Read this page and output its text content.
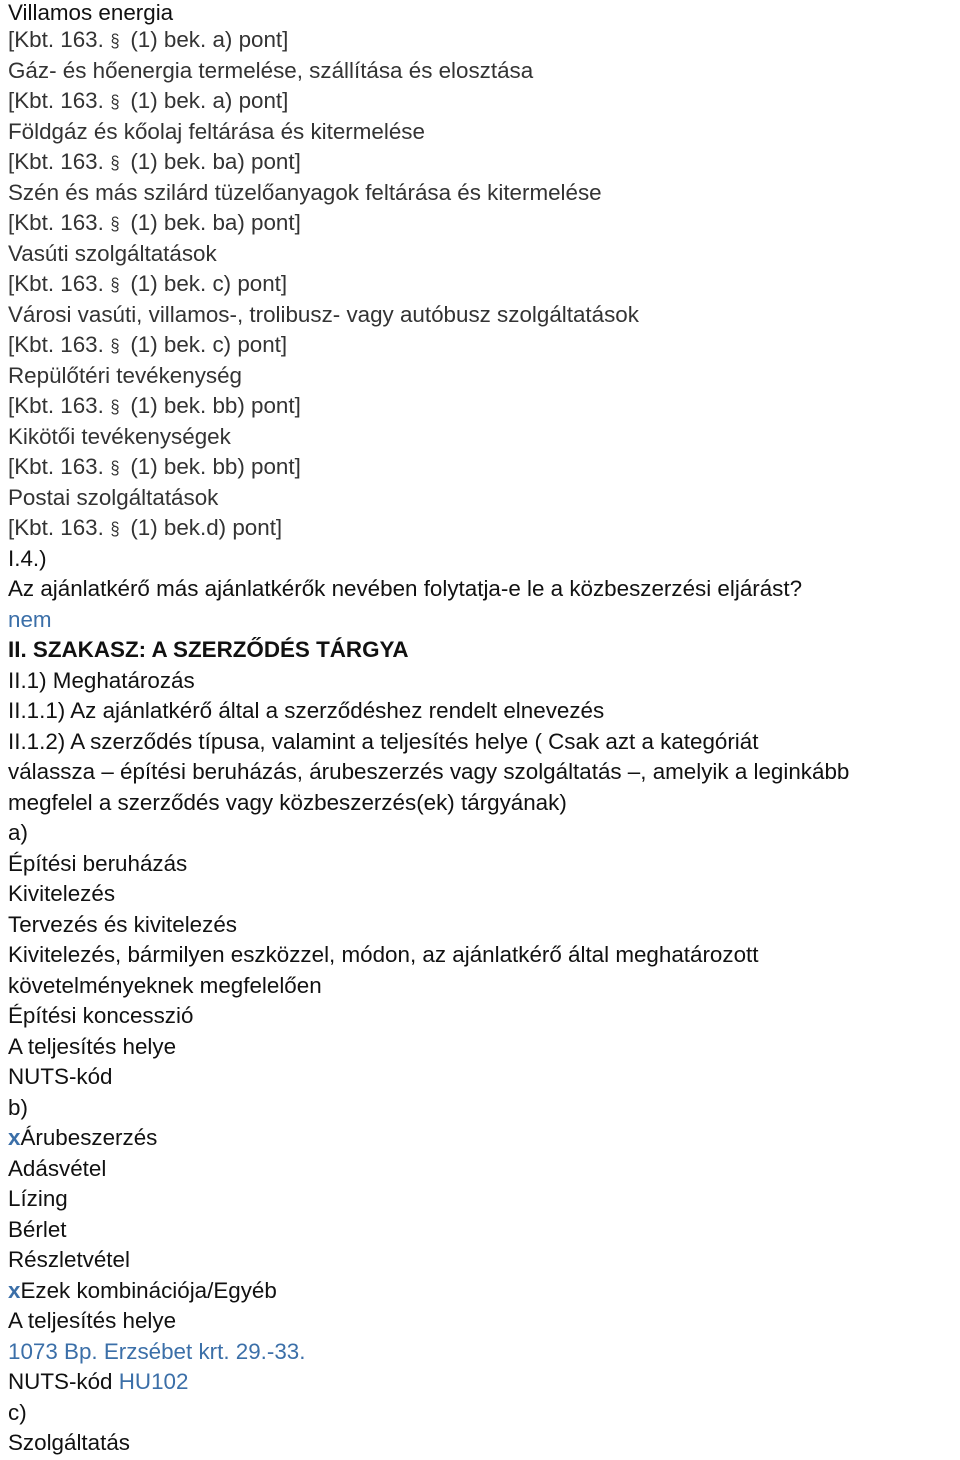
Villamos energia
[Kbt. 163. § (1) bek. a) pont]
Gáz- és hőenergia termelése, szállítása és elosztása
[Kbt. 163. § (1) bek. a) pont]
Földgáz és kőolaj feltárása és kitermelése
[Kbt. 163. § (1) bek. ba) pont]
Szén és más szilárd tüzelőanyagok feltárása és kitermelése
[Kbt. 163. § (1) bek. ba) pont]
Vasúti szolgáltatások
[Kbt. 163. § (1) bek. c) pont]
Városi vasúti, villamos-, trolibusz- vagy autóbusz szolgáltatások
[Kbt. 163. § (1) bek. c) pont]
Repülőtéri tevékenység
[Kbt. 163. § (1) bek. bb) pont]
Kikötői tevékenységek
[Kbt. 163. § (1) bek. bb) pont]
Postai szolgáltatások
[Kbt. 163. § (1) bek.d) pont]
I.4.)
Az ajánlatkérő más ajánlatkérők nevében folytatja-e le a közbeszerzési eljárást?
nem
II. SZAKASZ: A SZERZŐDÉS TÁRGYA
II.1) Meghatározás
II.1.1) Az ajánlatkérő által a szerződéshez rendelt elnevezés
II.1.2) A szerződés típusa, valamint a teljesítés helye ( Csak azt a kategóriát
válassza – építési beruházás, árubeszerzés vagy szolgáltatás –, amelyik a leginkább
megfelel a szerződés vagy közbeszerzés(ek) tárgyának)
a)
Építési beruházás
Kivitelezés
Tervezés és kivitelezés
Kivitelezés, bármilyen eszközzel, módon, az ajánlatkérő által meghatározott
követelményeknek megfelelően
Építési koncesszió
A teljesítés helye
NUTS-kód
b)
xÁrubeszerzés
Adásvétel
Lízing
Bérlet
Részletvétel
xEzek kombinációja/Egyéb
A teljesítés helye
1073 Bp. Erzsébet krt. 29.-33.
NUTS-kód HU102
c)
Szolgáltatás
